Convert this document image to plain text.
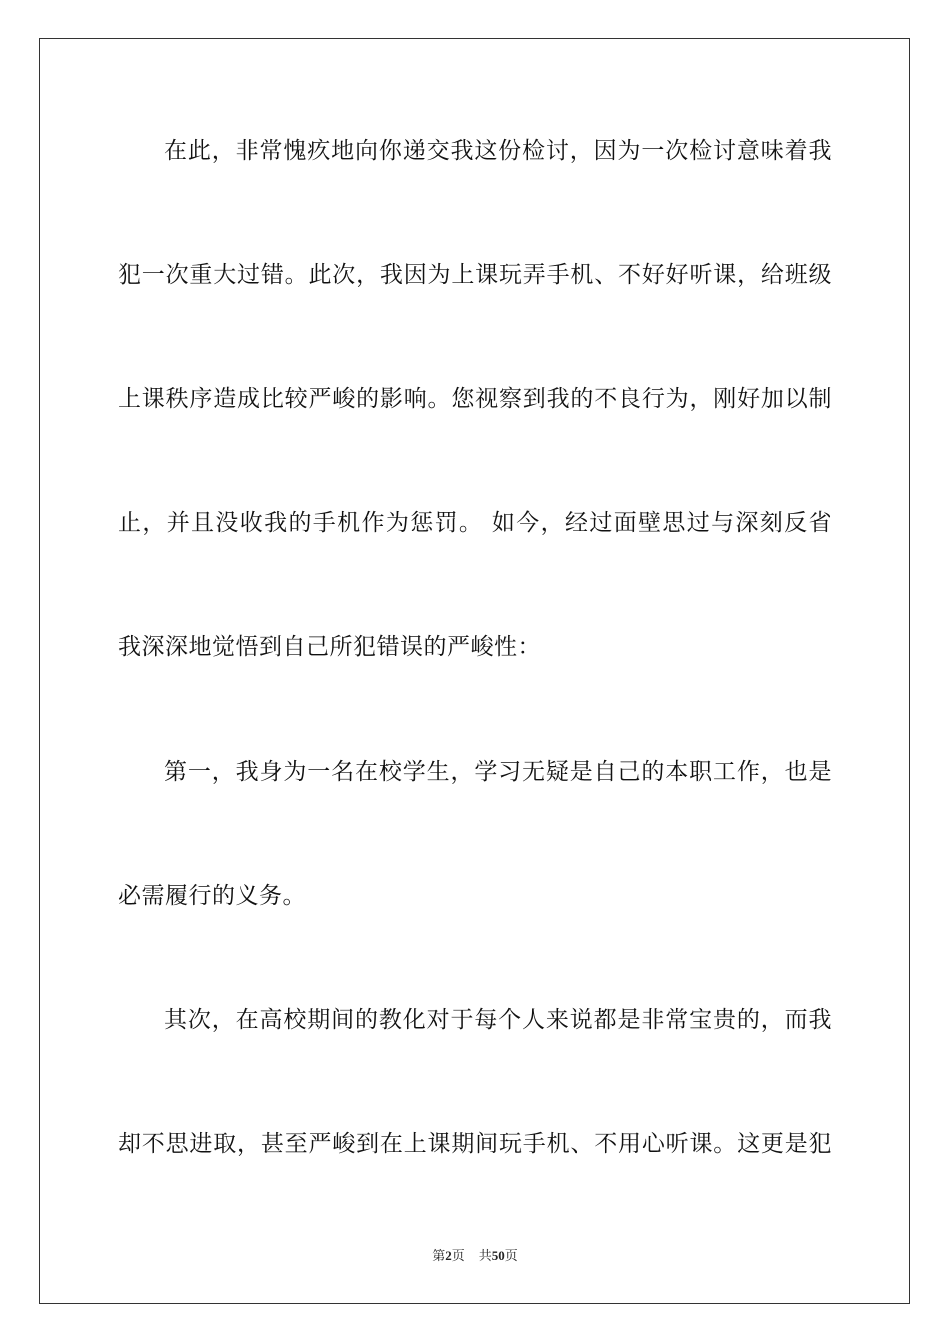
在此，非常愧疚地向你递交我这份检讨，因为一次检讨意味着我
犯一次重大过错。此次，我因为上课玩弄手机、不好好听课，给班级
上课秩序造成比较严峻的影响。您视察到我的不良行为，刚好加以制
止，并且没收我的手机作为惩罚。 如今，经过面壁思过与深刻反省
我深深地觉悟到自己所犯错误的严峻性：
第一，我身为一名在校学生，学习无疑是自己的本职工作，也是
必需履行的义务。
其次，在高校期间的教化对于每个人来说都是非常宝贵的，而我
却不思进取，甚至严峻到在上课期间玩手机、不用心听课。这更是犯
第2页 共50页
